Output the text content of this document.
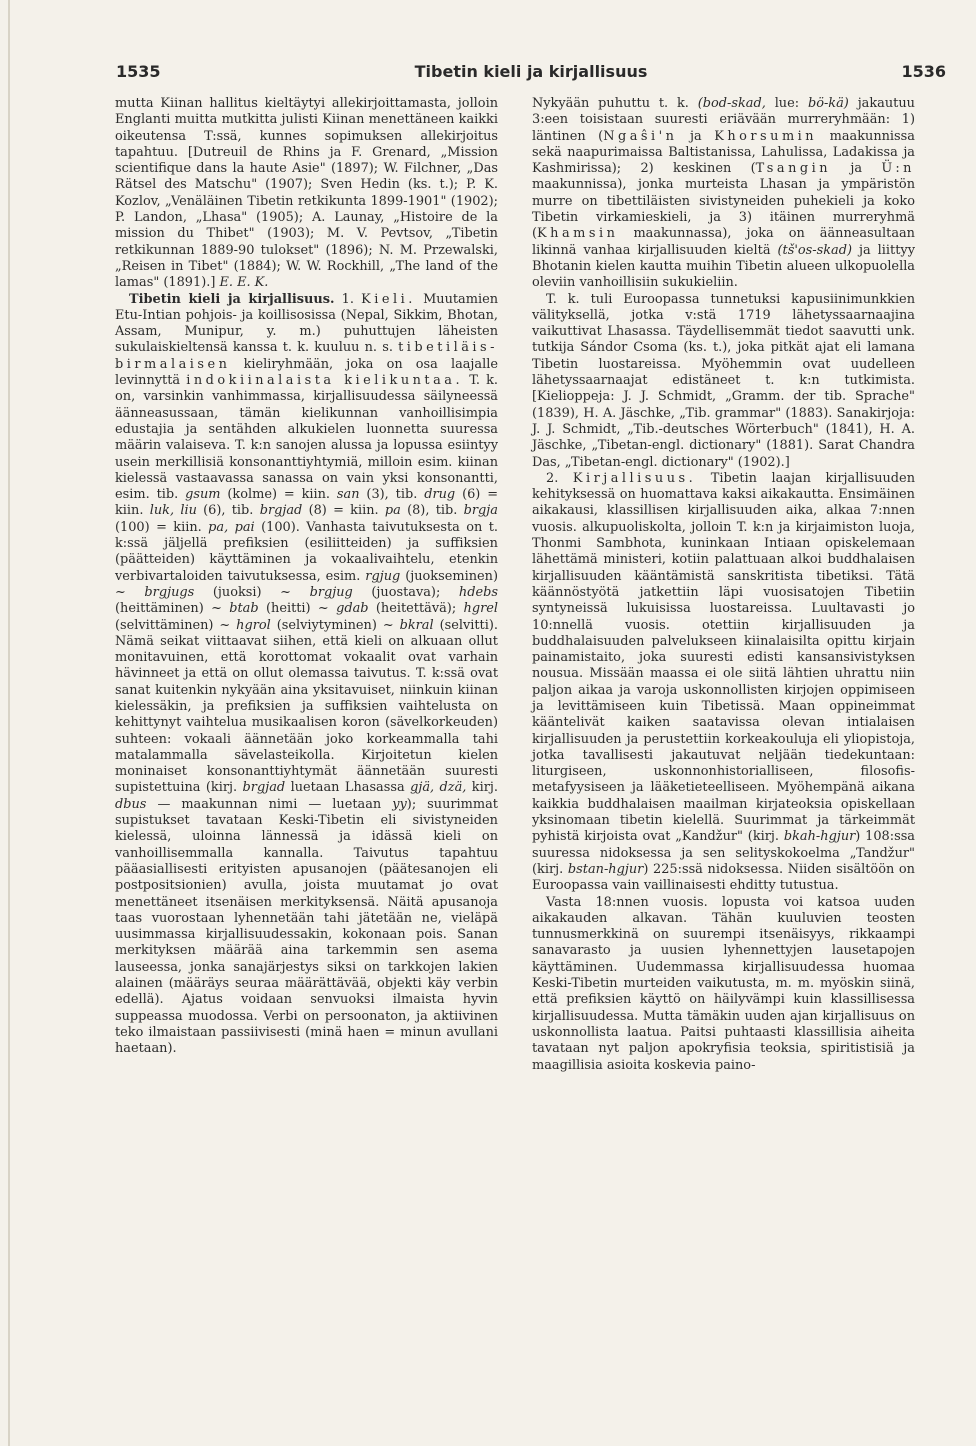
1535	Tibetin kieli ja kirjallisuus	1536

mutta Kiinan hallitus kieltäytyi allekirjoittamasta, jolloin Englanti muitta mutkitta julisti Kiinan menettäneen kaikki oikeutensa T:ssä, kunnes sopimuksen allekirjoitus tapahtuu. [Dutreuil de Rhins ja F. Grenard, „Mission scientifique dans la haute Asie" (1897); W. Filchner, „Das Rätsel des Matschu" (1907); Sven Hedin (ks. t.); P. K. Kozlov, „Venäläinen Tibetin retkikunta 1899-1901" (1902); P. Landon, „Lhasa" (1905); A. Launay, „Histoire de la mission du Thibet" (1903); M. V. Pevtsov, „Tibetin retkikunnan 1889-90 tulokset" (1896); N. M. Przewalski, „Reisen in Tibet" (1884); W. W. Rockhill, „The land of the lamas" (1891).] E. E. K.

Tibetin kieli ja kirjallisuus. 1. Kieli. Muutamien Etu-Intian pohjois- ja koillisosissa (Nepal, Sikkim, Bhotan, Assam, Munipur, y. m.) puhuttujen läheisten sukulaiskieltensä kanssa t. k. kuuluu n. s. tibetiläis-birmalaisen kieliryhmään, joka on osa laajalle levinnyttä indokiinalaista kielikuntaa. T. k. on, varsinkin vanhimmassa, kirjallisuudessa säilyneessä äänneasussaan, tämän kielikunnan vanhoillisimpia edustajia ja sentähden alkukielen luonnetta suuressa määrin valaiseva. T. k:n sanojen alussa ja lopussa esiintyy usein merkillisiä konsonanttiyhtymiä, milloin esim. kiinan kielessä vastaavassa sanassa on vain yksi konsonantti, esim. tib. gsum (kolme) = kiin. san (3), tib. drug (6) = kiin. luk, liu (6), tib. brgjad (8) = kiin. pa (8), tib. brgja (100) = kiin. pa, pai (100). Vanhasta taivutuksesta on t. k:ssä jäljellä prefiksien (esiliitteiden) ja suffiksien (päätteiden) käyttäminen ja vokaalivaihtelu, etenkin verbivartaloiden taivutuksessa, esim. rgjug (juokseminen) ~ brgjugs (juoksi) ~ brgjug (juostava); hdebs (heittäminen) ~ btab (heitti) ~ gdab (heitettävä); hgrel (selvittäminen) ~ hgrol (selviytyminen) ~ bkral (selvitti). Nämä seikat viittaavat siihen, että kieli on alkuaan ollut monitavuinen, että korottomat vokaalit ovat varhain hävinneet ja että on ollut olemassa taivutus. T. k:ssä ovat sanat kuitenkin nykyään aina yksitavuiset, niinkuin kiinan kielessäkin, ja prefiksien ja suffiksien vaihtelusta on kehittynyt vaihtelua musikaalisen koron (sävelkorkeuden) suhteen: vokaali äännetään joko korkeammalla tahi matalammalla sävelasteikolla. Kirjoitetun kielen moninaiset konsonanttiyhtymät äännetään suuresti supistettuina (kirj. brgjad luetaan Lhasassa gjä, dzä, kirj. dbus — maakunnan nimi — luetaan yy); suurimmat supistukset tavataan Keski-Tibetin eli sivistyneiden kielessä, uloinna lännessä ja idässä kieli on vanhoillisemmalla kannalla. Taivutus tapahtuu pääasiallisesti erityisten apusanojen (päätesanojen eli postpositsionien) avulla, joista muutamat jo ovat menettäneet itsenäisen merkityksensä. Näitä apusanoja taas vuorostaan lyhennetään tahi jätetään ne, vieläpä uusimmassa kirjallisuudessakin, kokonaan pois. Sanan merkityksen määrää aina tarkemmin sen asema lauseessa, jonka sanajärjestys siksi on tarkkojen lakien alainen (määräys seuraa määrättävää, objekti käy verbin edellä). Ajatus voidaan senvuoksi ilmaista hyvin suppeassa muodossa. Verbi on persoonaton, ja aktiivinen teko ilmaistaan passiivisesti (minä haen = minun avullani haetaan).

Nykyään puhuttu t. k. (bod-skad, lue: bö-kä) jakautuu 3:een toisistaan suuresti eriävään murreryhmään: 1) läntinen (Ngaŝi'n ja Khorsumin maakunnissa sekä naapurimaissa Baltistanissa, Lahulissa, Ladakissa ja Kashmirissa); 2) keskinen (Tsangin ja Ü:n maakunnissa), jonka murteista Lhasan ja ympäristön murre on tibettiläisten sivistyneiden puhekieli ja koko Tibetin virkamieskieli, ja 3) itäinen murreryhmä (Khamsin maakunnassa), joka on äänneasultaan likinnä vanhaa kirjallisuuden kieltä (tš'os-skad) ja liittyy Bhotanin kielen kautta muihin Tibetin alueen ulkopuolella oleviin vanhoillisiin sukukieliin.

T. k. tuli Euroopassa tunnetuksi kapusiinimunkkien välityksellä, jotka v:stä 1719 lähetyssaarnaajina vaikuttivat Lhasassa. Täydellisemmät tiedot saavutti unk. tutkija Sándor Csoma (ks. t.), joka pitkät ajat eli lamana Tibetin luostareissa. Myöhemmin ovat uudelleen lähetyssaarnaajat edistäneet t. k:n tutkimista. [Kielioppeja: J. J. Schmidt, „Gramm. der tib. Sprache" (1839), H. A. Jäschke, „Tib. grammar" (1883). Sanakirjoja: J. J. Schmidt, „Tib.-deutsches Wörterbuch" (1841), H. A. Jäschke, „Tibetan-engl. dictionary" (1881). Sarat Chandra Das, „Tibetan-engl. dictionary" (1902).]

2. Kirjallisuus. Tibetin laajan kirjallisuuden kehityksessä on huomattava kaksi aikakautta. Ensimäinen aikakausi, klassillisen kirjallisuuden aika, alkaa 7:nnen vuosis. alkupuoliskolta, jolloin T. k:n ja kirjaimiston luoja, Thonmi Sambhota, kuninkaan Intiaan opiskelemaan lähettämä ministeri, kotiin palattuaan alkoi buddhalaisen kirjallisuuden kääntämistä sanskritista tibetiksi. Tätä käännöstyötä jatkettiin läpi vuosisatojen Tibetiin syntyneissä lukuisissa luostareissa. Luultavasti jo 10:nnellä vuosis. otettiin kirjallisuuden ja buddhalaisuuden palvelukseen kiinalaisilta opittu kirjain painamistaito, joka suuresti edisti kansansivistyksen nousua. Missään maassa ei ole siitä lähtien uhrattu niin paljon aikaa ja varoja uskonnollisten kirjojen oppimiseen ja levittämiseen kuin Tibetissä. Maan oppineimmat kääntelivät kaiken saatavissa olevan intialaisen kirjallisuuden ja perustettiin korkeakouluja eli yliopistoja, jotka tavallisesti jakautuvat neljään tiedekuntaan: liturgiseen, uskonnonhistorialliseen, filosofis-metafyysiseen ja lääketieteelliseen. Myöhempänä aikana kaikkia buddhalaisen maailman kirjateoksia opiskellaan yksinomaan tibetin kielellä. Suurimmat ja tärkeimmät pyhistä kirjoista ovat „Kandžur" (kirj. bkah-hgjur) 108:ssa suuressa nidoksessa ja sen selityskokoelma „Tandžur" (kirj. bstan-hgjur) 225:ssä nidoksessa. Niiden sisältöön on Euroopassa vain vaillinaisesti ehditty tutustua.

Vasta 18:nnen vuosis. lopusta voi katsoa uuden aikakauden alkavan. Tähän kuuluvien teosten tunnusmerkkinä on suurempi itsenäisyys, rikkaampi sanavarasto ja uusien lyhennettyjen lausetapojen käyttäminen. Uudemmassa kirjallisuudessa huomaa Keski-Tibetin murteiden vaikutusta, m. m. myöskin siinä, että prefiksien käyttö on häilyvämpi kuin klassillisessa kirjallisuudessa. Mutta tämäkin uuden ajan kirjallisuus on uskonnollista laatua. Paitsi puhtaasti klassillisia aiheita tavataan nyt paljon apokryfisia teoksia, spiritistisiä ja maagillisia asioita koskevia paino-
